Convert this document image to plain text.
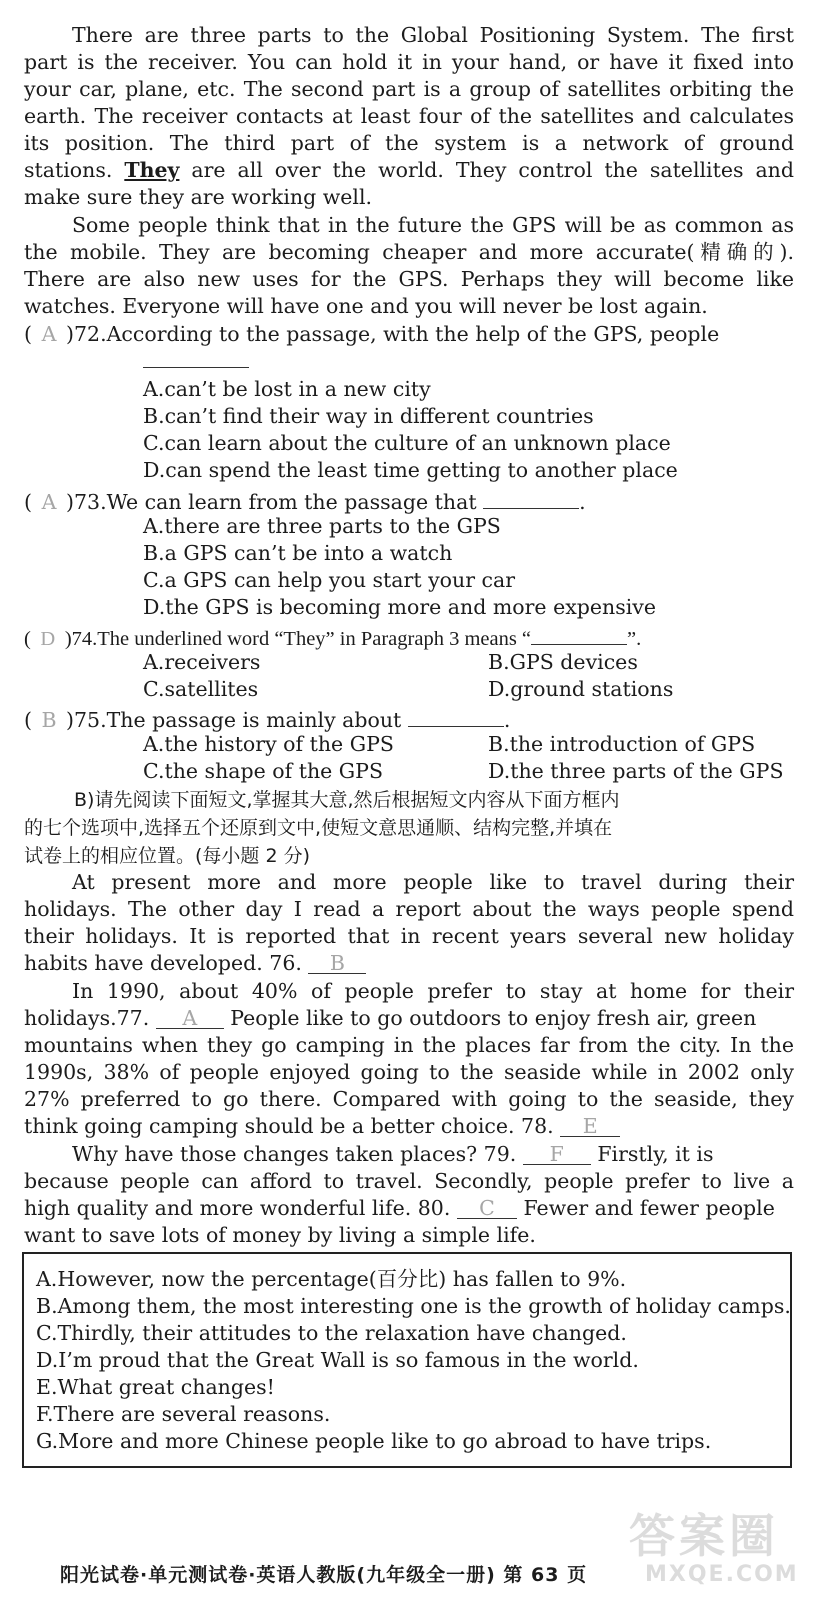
There are three parts to the Global Positioning System. The first
part is the receiver. You can hold it in your hand, or have it fixed into
your car, plane, etc. The second part is a group of satellites orbiting the
earth. The receiver contacts at least four of the satellites and calculates
its position. The third part of the system is a network of ground
stations. They are all over the world. They control the satellites and
make sure they are working well.
Some people think that in the future the GPS will be as common as
the mobile. They are becoming cheaper and more accurate(精确的).
There are also new uses for the GPS. Perhaps they will become like
watches. Everyone will have one and you will never be lost again.
( A )72.According to the passage, with the help of the GPS, people
A.can’t be lost in a new city
B.can’t find their way in different countries
C.can learn about the culture of an unknown place
D.can spend the least time getting to another place
( A )73.We can learn from the passage that	.
A.there are three parts to the GPS
B.a GPS can’t be into a watch
C.a GPS can help you start your car
D.the GPS is becoming more and more expensive
( D )74.The underlined word “They” in Paragraph 3 means “	”.
A.receivers	B.GPS devices
C.satellites	D.ground stations
( B )75.The passage is mainly about	.
A.the history of the GPS	B.the introduction of GPS
C.the shape of the GPS	D.the three parts of the GPS
B)请先阅读下面短文,掌握其大意,然后根据短文内容从下面方框内
的七个选项中,选择五个还原到文中,使短文意思通顺、结构完整,并填在
试卷上的相应位置。(每小题 2 分)
At present more and more people like to travel during their
holidays. The other day I read a report about the ways people spend
their holidays. It is reported that in recent years several new holiday
habits have developed. 76. B
In 1990, about 40% of people prefer to stay at home for their
holidays.77. A People like to go outdoors to enjoy fresh air, green
mountains when they go camping in the places far from the city. In the
1990s, 38% of people enjoyed going to the seaside while in 2002 only
27% preferred to go there. Compared with going to the seaside, they
think going camping should be a better choice. 78. E
Why have those changes taken places? 79. F Firstly, it is
because people can afford to travel. Secondly, people prefer to live a
high quality and more wonderful life. 80. C Fewer and fewer people
want to save lots of money by living a simple life.
A.However, now the percentage(百分比) has fallen to 9%.
B.Among them, the most interesting one is the growth of holiday camps.
C.Thirdly, their attitudes to the relaxation have changed.
D.I’m proud that the Great Wall is so famous in the world.
E.What great changes!
F.There are several reasons.
G.More and more Chinese people like to go abroad to have trips.
答案圈
MXQE.COM
阳光试卷·单元测试卷·英语人教版(九年级全一册) 第 63 页
